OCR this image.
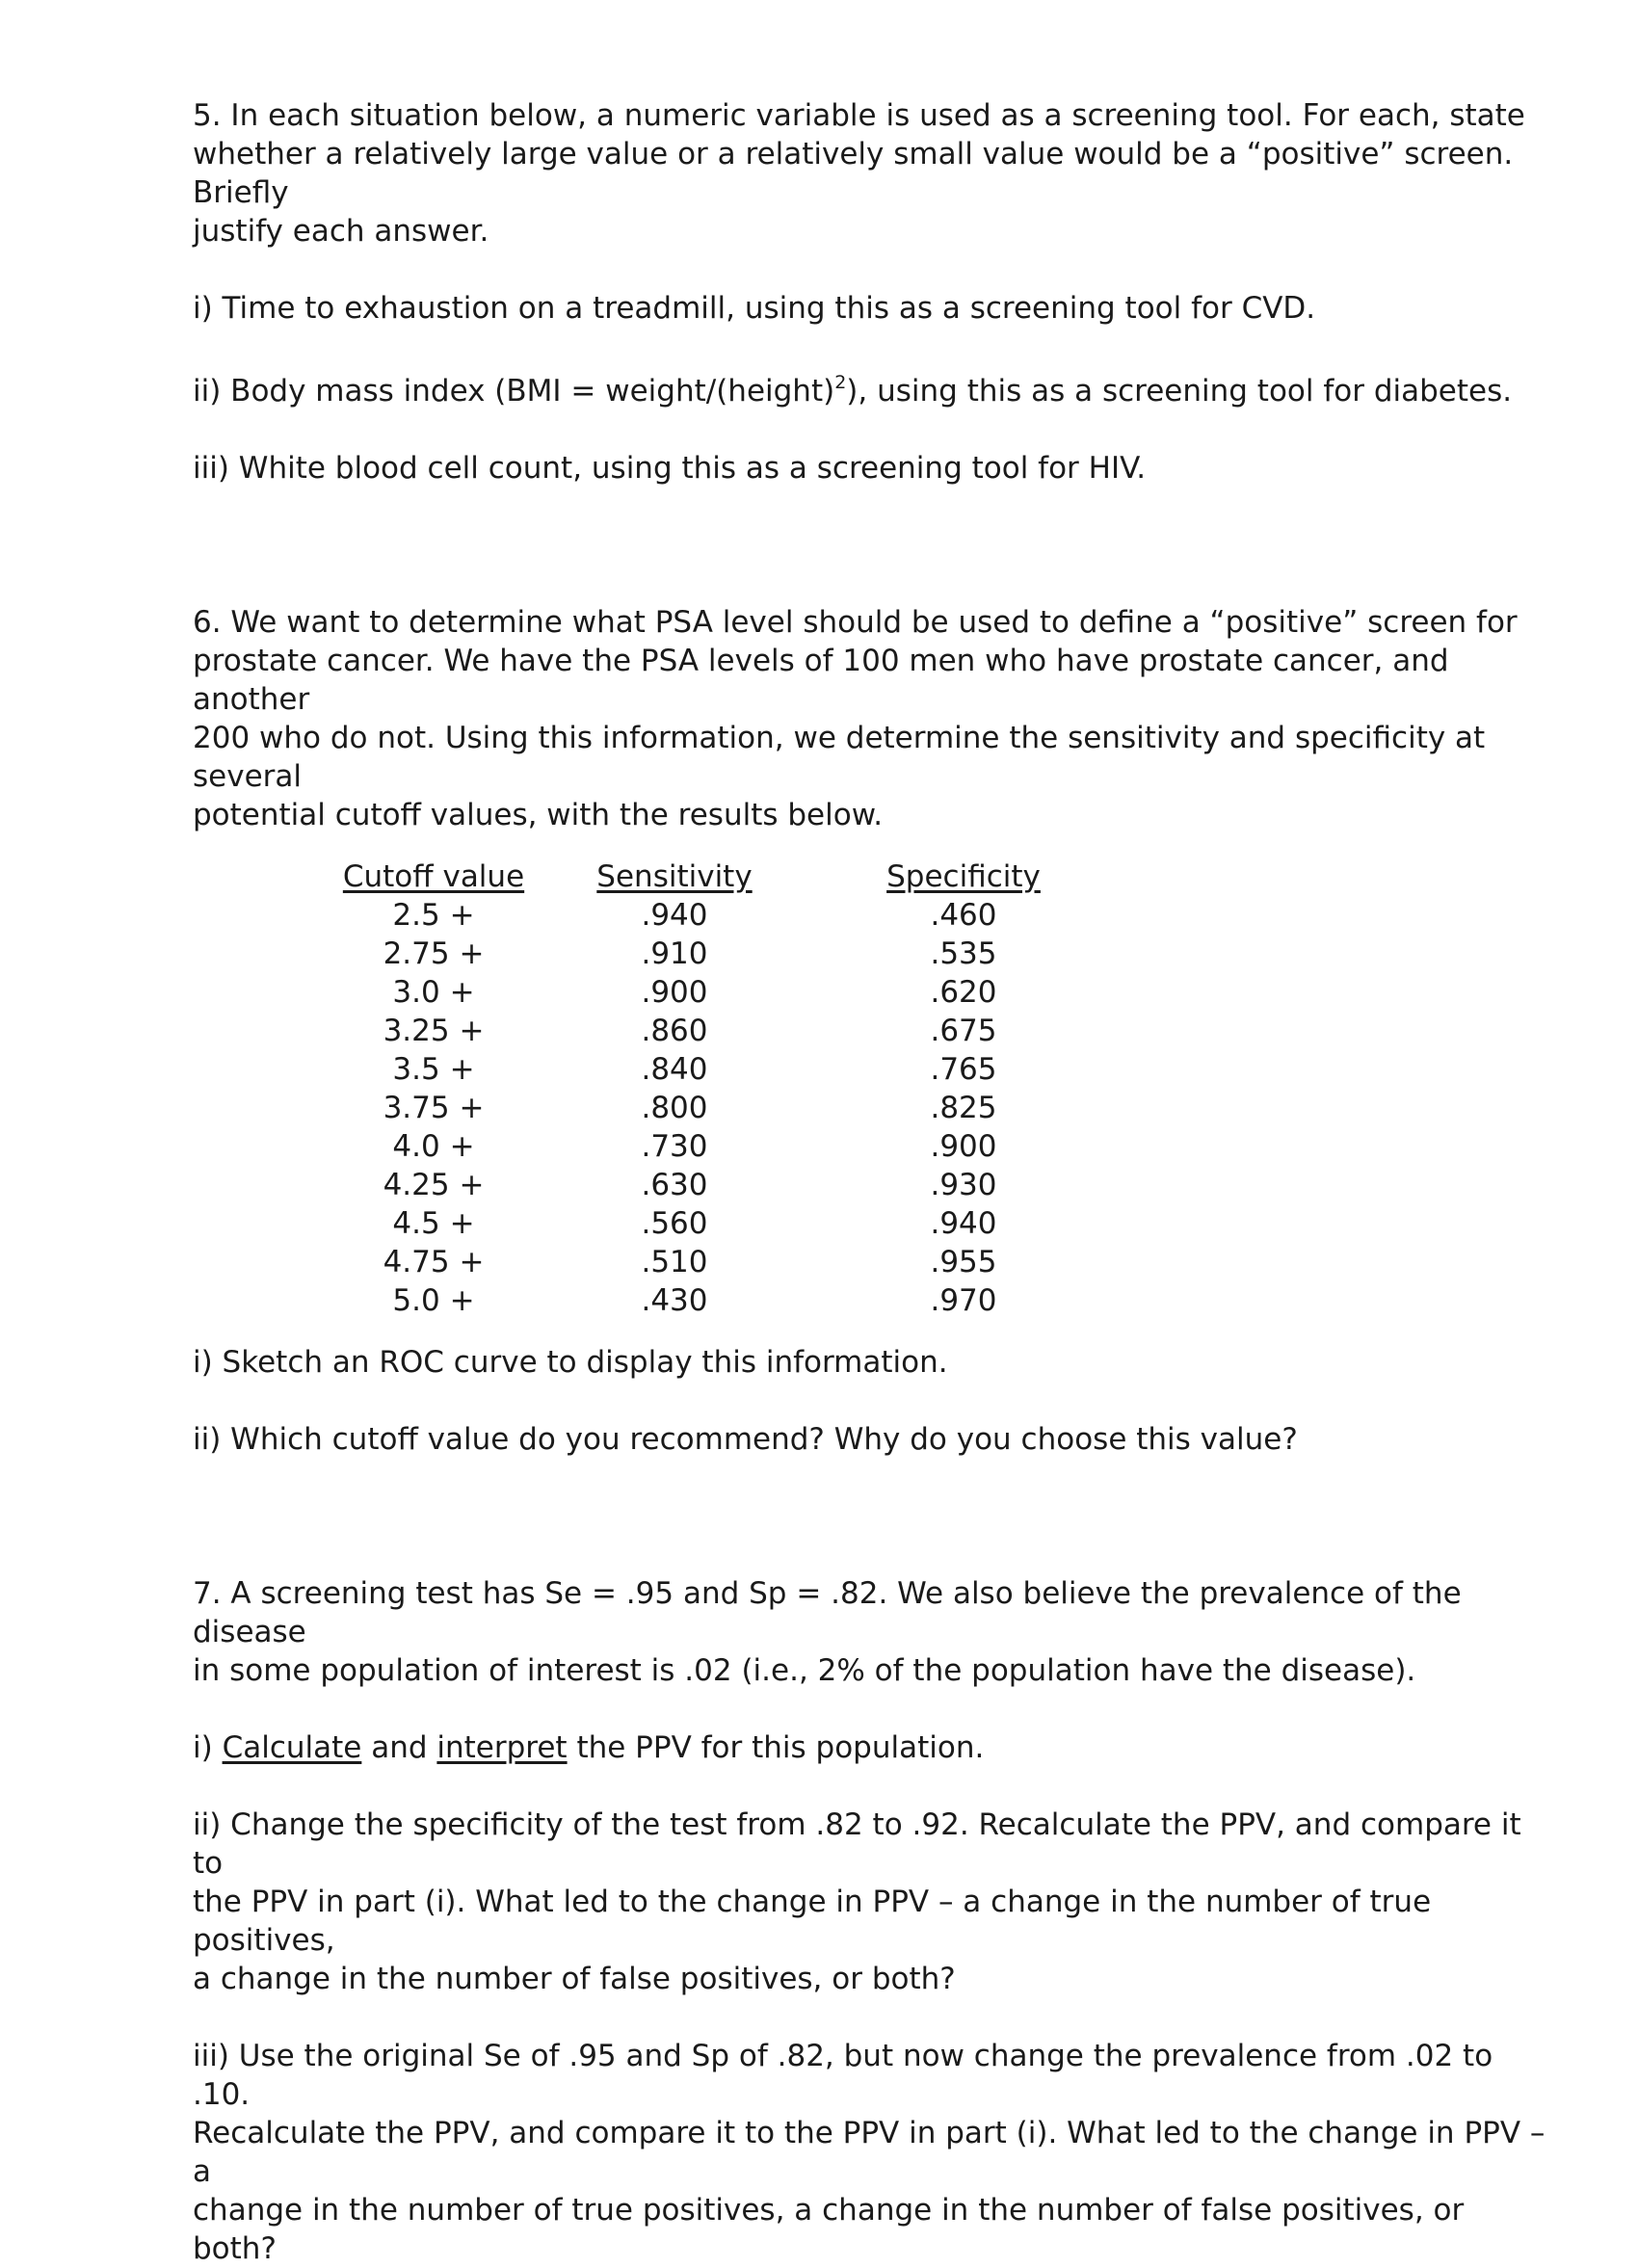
5. In each situation below, a numeric variable is used as a screening tool. For each, state
whether a relatively large value or a relatively small value would be a “positive” screen. Briefly
justify each answer.

i) Time to exhaustion on a treadmill, using this as a screening tool for CVD.

ii) Body mass index (BMI = weight/(height)$^2$), using this as a screening tool for diabetes.

iii) White blood cell count, using this as a screening tool for HIV.

6. We want to determine what PSA level should be used to define a “positive” screen for
prostate cancer. We have the PSA levels of 100 men who have prostate cancer, and another
200 who do not. Using this information, we determine the sensitivity and specificity at several
potential cutoff values, with the results below.

Cutoff value	Sensitivity	Specificity
2.5 +	.940	.460
2.75 +	.910	.535
3.0 +	.900	.620
3.25 +	.860	.675
3.5 +	.840	.765
3.75 +	.800	.825
4.0 +	.730	.900
4.25 +	.630	.930
4.5 +	.560	.940
4.75 +	.510	.955
5.0 +	.430	.970

i) Sketch an ROC curve to display this information.

ii) Which cutoff value do you recommend? Why do you choose this value?

7. A screening test has Se = .95 and Sp = .82. We also believe the prevalence of the disease
in some population of interest is .02 (i.e., 2% of the population have the disease).

i) Calculate and interpret the PPV for this population.

ii) Change the specificity of the test from .82 to .92. Recalculate the PPV, and compare it to
the PPV in part (i). What led to the change in PPV – a change in the number of true positives,
a change in the number of false positives, or both?

iii) Use the original Se of .95 and Sp of .82, but now change the prevalence from .02 to .10.
Recalculate the PPV, and compare it to the PPV in part (i). What led to the change in PPV – a
change in the number of true positives, a change in the number of false positives, or both?
